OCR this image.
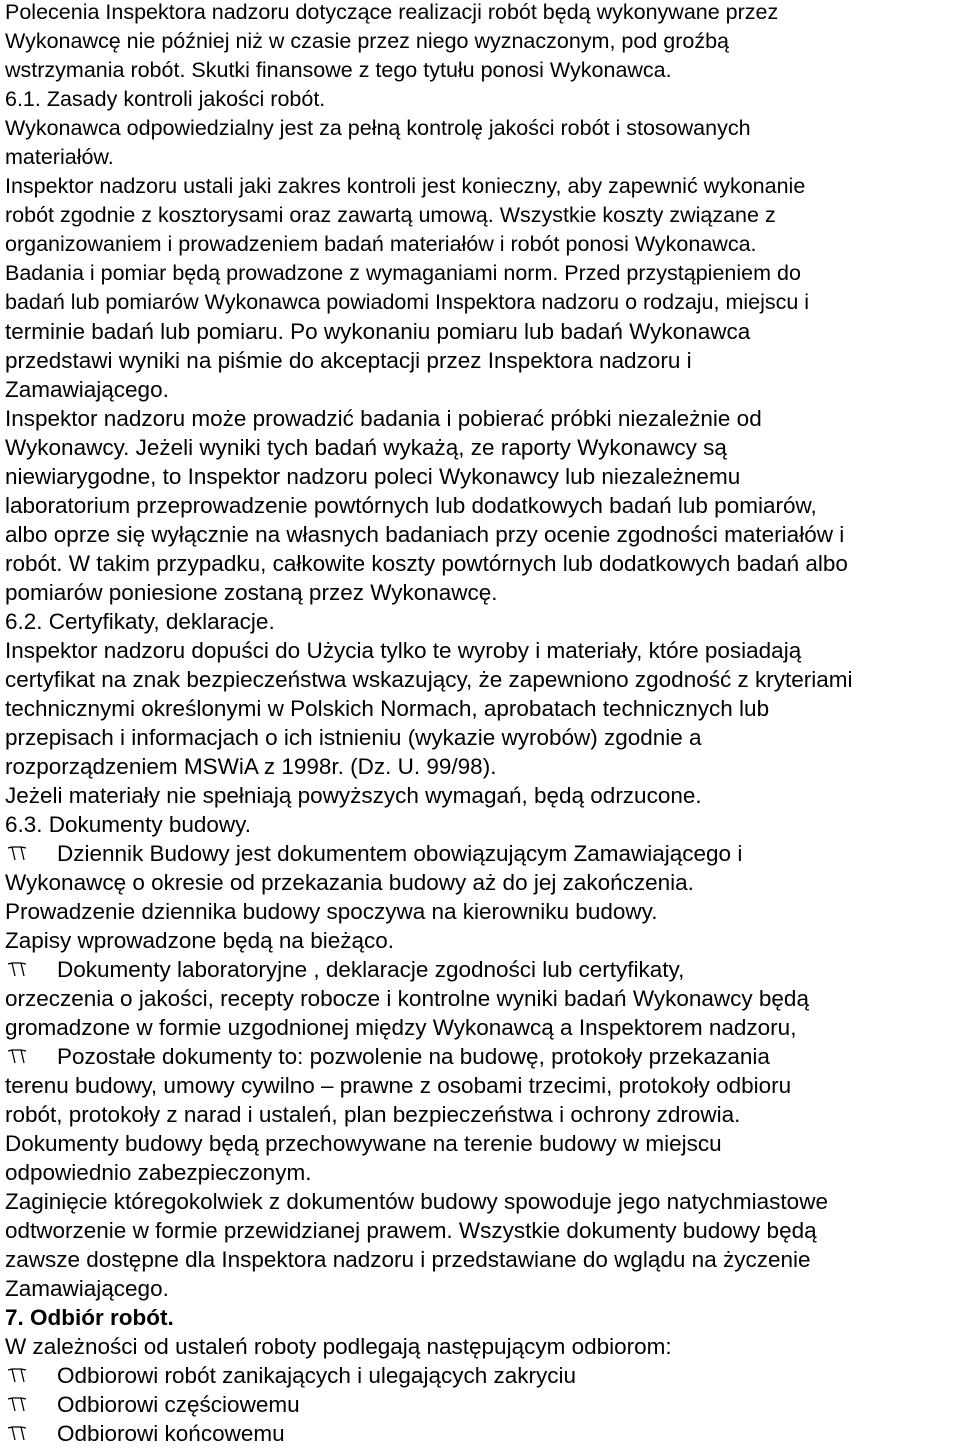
Polecenia Inspektora nadzoru dotyczące realizacji robót będą wykonywane przez
Wykonawcę nie później niż w czasie przez niego wyznaczonym, pod groźbą
wstrzymania robót. Skutki finansowe z tego tytułu ponosi Wykonawca.
6.1. Zasady kontroli jakości robót.
Wykonawca odpowiedzialny jest za pełną kontrolę jakości robót i stosowanych
materiałów.
Inspektor nadzoru ustali jaki zakres kontroli jest konieczny, aby zapewnić wykonanie
robót zgodnie z kosztorysami oraz zawartą umową. Wszystkie koszty związane z
organizowaniem i prowadzeniem badań materiałów i robót ponosi Wykonawca.
Badania i pomiar będą prowadzone z wymaganiami norm. Przed przystąpieniem do
badań lub pomiarów Wykonawca powiadomi Inspektora nadzoru o rodzaju, miejscu i
terminie badań lub pomiaru. Po wykonaniu pomiaru lub badań Wykonawca
przedstawi wyniki na piśmie do akceptacji przez Inspektora nadzoru i
Zamawiającego.
Inspektor nadzoru może prowadzić badania i pobierać próbki niezależnie od
Wykonawcy. Jeżeli wyniki tych badań wykażą, ze raporty Wykonawcy są
niewiarygodne, to Inspektor nadzoru poleci Wykonawcy lub niezależnemu
laboratorium przeprowadzenie powtórnych lub dodatkowych badań lub pomiarów,
albo oprze się wyłącznie na własnych badaniach przy ocenie zgodności materiałów i
robót. W takim przypadku, całkowite koszty powtórnych lub dodatkowych badań albo
pomiarów poniesione zostaną przez Wykonawcę.
6.2. Certyfikaty, deklaracje.
Inspektor nadzoru dopuści do Użycia tylko te wyroby i materiały, które posiadają
certyfikat na znak bezpieczeństwa wskazujący, że zapewniono zgodność z kryteriami
technicznymi określonymi w Polskich Normach, aprobatach technicznych lub
przepisach i informacjach o ich istnieniu (wykazie wyrobów) zgodnie a
rozporządzeniem MSWiA z 1998r. (Dz. U. 99/98).
Jeżeli materiały nie spełniają powyższych wymagań, będą odrzucone.
6.3. Dokumenty budowy.
Dziennik Budowy jest dokumentem obowiązującym Zamawiającego i
Wykonawcę o okresie od przekazania budowy aż do jej zakończenia.
Prowadzenie dziennika budowy spoczywa na kierowniku budowy.
Zapisy wprowadzone będą na bieżąco.
Dokumenty laboratoryjne , deklaracje zgodności lub certyfikaty,
orzeczenia o jakości, recepty robocze i kontrolne wyniki badań Wykonawcy będą
gromadzone w formie uzgodnionej między Wykonawcą a Inspektorem nadzoru,
Pozostałe dokumenty to: pozwolenie na budowę, protokoły przekazania
terenu budowy, umowy cywilno – prawne z osobami trzecimi, protokoły odbioru
robót, protokoły z narad i ustaleń, plan bezpieczeństwa i ochrony zdrowia.
Dokumenty budowy będą przechowywane na terenie budowy w miejscu
odpowiednio zabezpieczonym.
Zaginięcie któregokolwiek z dokumentów budowy spowoduje jego natychmiastowe
odtworzenie w formie przewidzianej prawem. Wszystkie dokumenty budowy będą
zawsze dostępne dla Inspektora nadzoru i przedstawiane do wglądu na życzenie
Zamawiającego.
7. Odbiór robót.
W zależności od ustaleń roboty podlegają następującym odbiorom:
Odbiorowi robót zanikających i ulegających zakryciu
Odbiorowi częściowemu
Odbiorowi końcowemu
